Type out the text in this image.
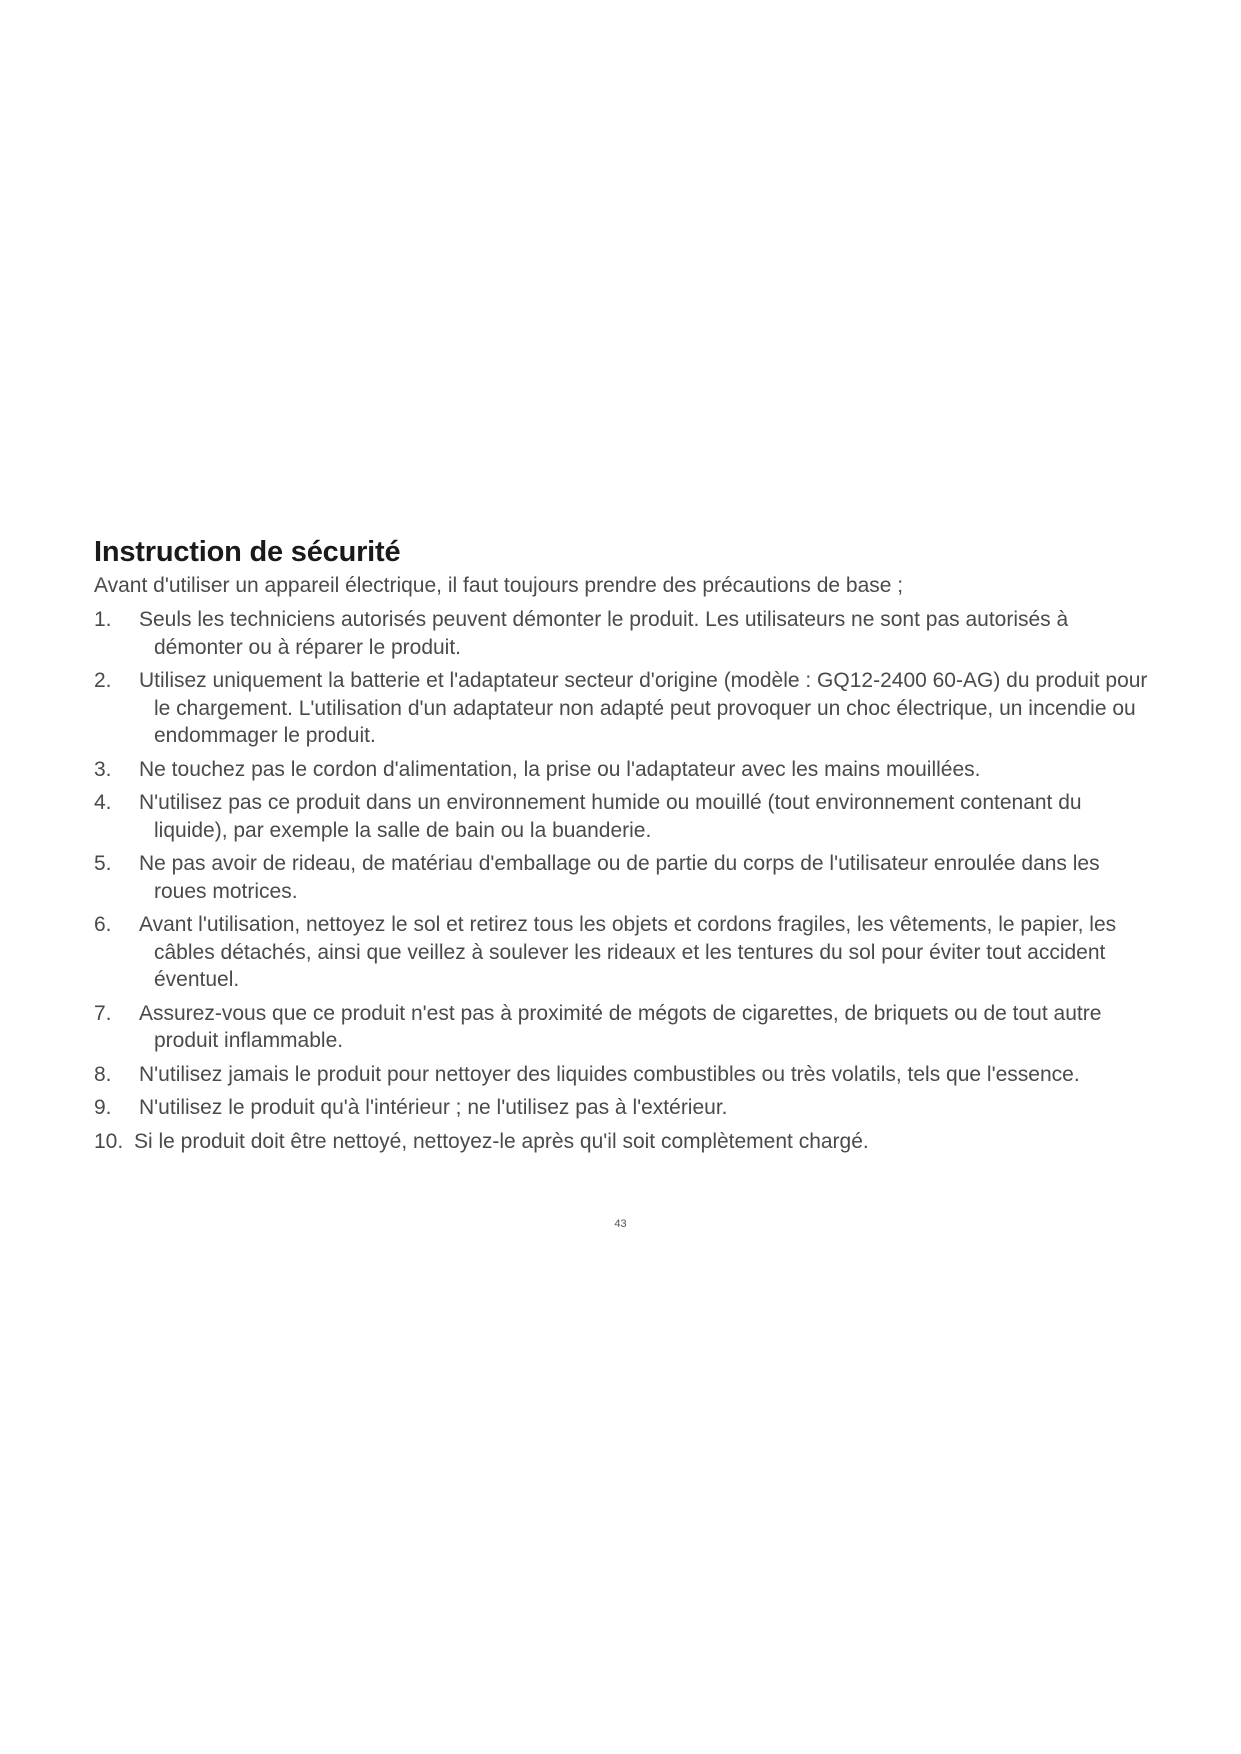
Instruction de sécurité

Avant d'utiliser un appareil électrique, il faut toujours prendre des précautions de base ;

1.	Seuls les techniciens autorisés peuvent démonter le produit. Les utilisateurs ne sont pas autorisés à démonter ou à réparer le produit.
2.	Utilisez uniquement la batterie et l'adaptateur secteur d'origine (modèle : GQ12-2400 60-AG) du produit pour le chargement. L'utilisation d'un adaptateur non adapté peut provoquer un choc électrique, un incendie ou endommager le produit.
3.	Ne touchez pas le cordon d'alimentation, la prise ou l'adaptateur avec les mains mouillées.
4.	N'utilisez pas ce produit dans un environnement humide ou mouillé (tout environnement contenant du liquide), par exemple la salle de bain ou la buanderie.
5.	Ne pas avoir de rideau, de matériau d'emballage ou de partie du corps de l'utilisateur enroulée dans les roues motrices.
6.	Avant l'utilisation, nettoyez le sol et retirez tous les objets et cordons fragiles, les vêtements, le papier, les câbles détachés, ainsi que veillez à soulever les rideaux et les tentures du sol pour éviter tout accident éventuel.
7.	Assurez-vous que ce produit n'est pas à proximité de mégots de cigarettes, de briquets ou de tout autre produit inflammable.
8.	N'utilisez jamais le produit pour nettoyer des liquides combustibles ou très volatils, tels que l'essence.
9.	N'utilisez le produit qu'à l'intérieur ; ne l'utilisez pas à l'extérieur.
10. Si le produit doit être nettoyé, nettoyez-le après qu'il soit complètement chargé.
43
